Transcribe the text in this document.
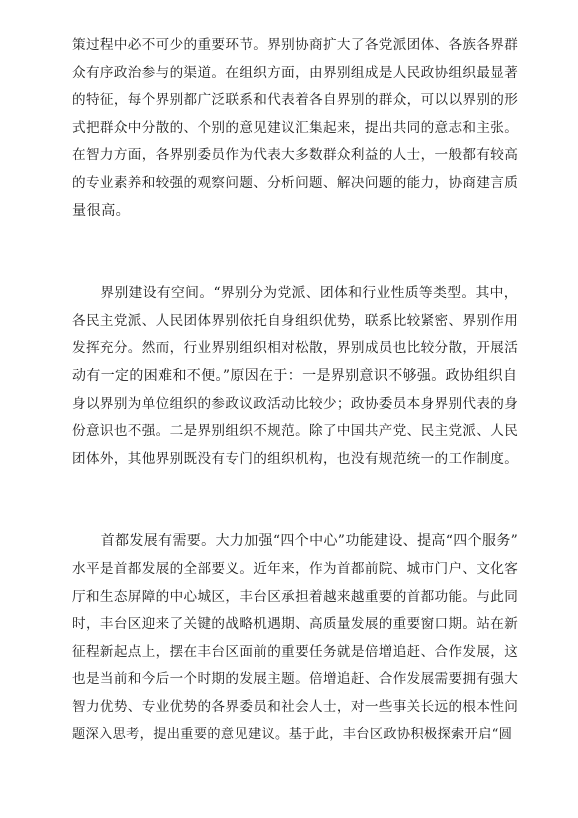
策过程中必不可少的重要环节。界别协商扩大了各党派团体、各族各界群
众有序政治参与的渠道。在组织方面，由界别组成是人民政协组织最显著
的特征，每个界别都广泛联系和代表着各自界别的群众，可以以界别的形
式把群众中分散的、个别的意见建议汇集起来，提出共同的意志和主张。
在智力方面，各界别委员作为代表大多数群众利益的人士，一般都有较高
的专业素养和较强的观察问题、分析问题、解决问题的能力，协商建言质
量很高。
　　界别建设有空间。“界别分为党派、团体和行业性质等类型。其中，
各民主党派、人民团体界别依托自身组织优势，联系比较紧密、界别作用
发挥充分。然而，行业界别组织相对松散，界别成员也比较分散，开展活
动有一定的困难和不便。”原因在于：一是界别意识不够强。政协组织自
身以界别为单位组织的参政议政活动比较少；政协委员本身界别代表的身
份意识也不强。二是界别组织不规范。除了中国共产党、民主党派、人民
团体外，其他界别既没有专门的组织机构，也没有规范统一的工作制度。
　　首都发展有需要。大力加强“四个中心”功能建设、提高“四个服务”
水平是首都发展的全部要义。近年来，作为首都前院、城市门户、文化客
厅和生态屏障的中心城区，丰台区承担着越来越重要的首都功能。与此同
时，丰台区迎来了关键的战略机遇期、高质量发展的重要窗口期。站在新
征程新起点上，摆在丰台区面前的重要任务就是倍增追赶、合作发展，这
也是当前和今后一个时期的发展主题。倍增追赶、合作发展需要拥有强大
智力优势、专业优势的各界委员和社会人士，对一些事关长远的根本性问
题深入思考，提出重要的意见建议。基于此，丰台区政协积极探索开启“圆
